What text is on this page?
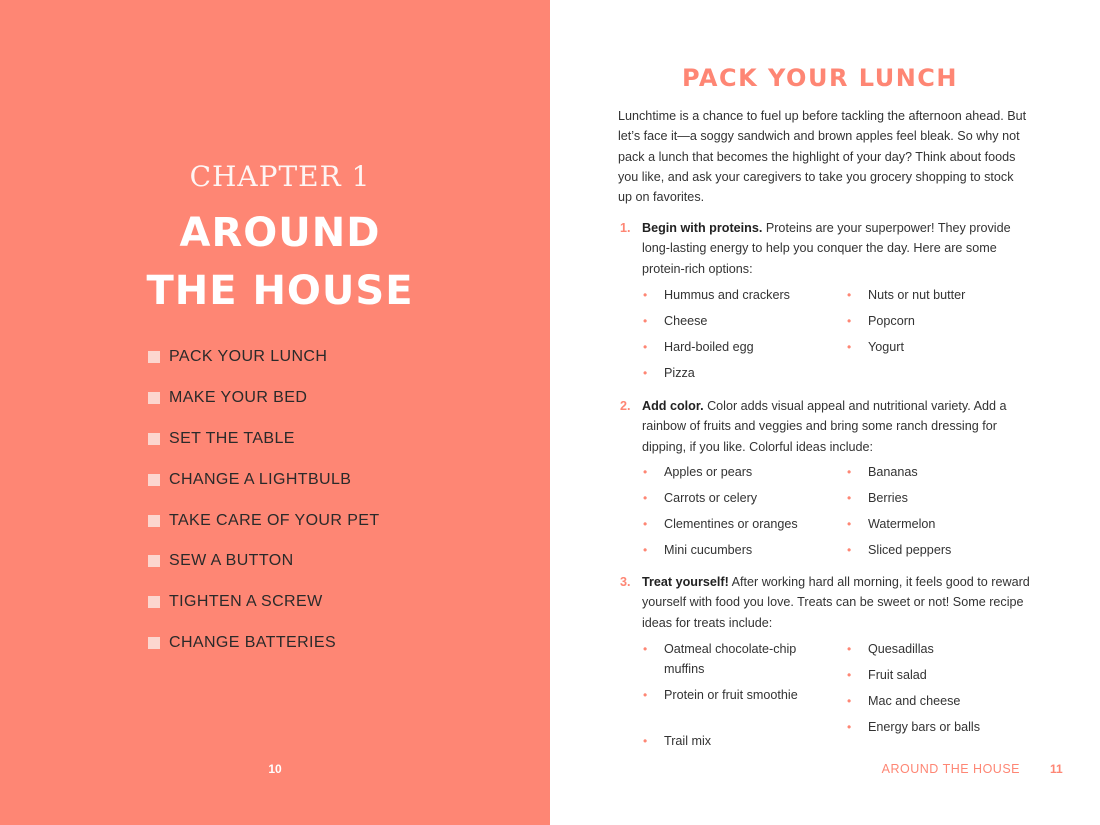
CHAPTER 1
AROUND
THE HOUSE
PACK YOUR LUNCH
MAKE YOUR BED
SET THE TABLE
CHANGE A LIGHTBULB
TAKE CARE OF YOUR PET
SEW A BUTTON
TIGHTEN A SCREW
CHANGE BATTERIES
10
PACK YOUR LUNCH
Lunchtime is a chance to fuel up before tackling the afternoon ahead. But let’s face it—a soggy sandwich and brown apples feel bleak. So why not pack a lunch that becomes the highlight of your day? Think about foods you like, and ask your caregivers to take you grocery shopping to stock up on favorites.
1. Begin with proteins. Proteins are your superpower! They provide long-lasting energy to help you conquer the day. Here are some protein-rich options:
• Hummus and crackers
• Cheese
• Hard-boiled egg
• Pizza
• Nuts or nut butter
• Popcorn
• Yogurt
2. Add color. Color adds visual appeal and nutritional variety. Add a rainbow of fruits and veggies and bring some ranch dressing for dipping, if you like. Colorful ideas include:
• Apples or pears
• Carrots or celery
• Clementines or oranges
• Mini cucumbers
• Bananas
• Berries
• Watermelon
• Sliced peppers
3. Treat yourself! After working hard all morning, it feels good to reward yourself with food you love. Treats can be sweet or not! Some recipe ideas for treats include:
• Oatmeal chocolate-chip muffins
• Protein or fruit smoothie
• Trail mix
• Quesadillas
• Fruit salad
• Mac and cheese
• Energy bars or balls
AROUND THE HOUSE	11
